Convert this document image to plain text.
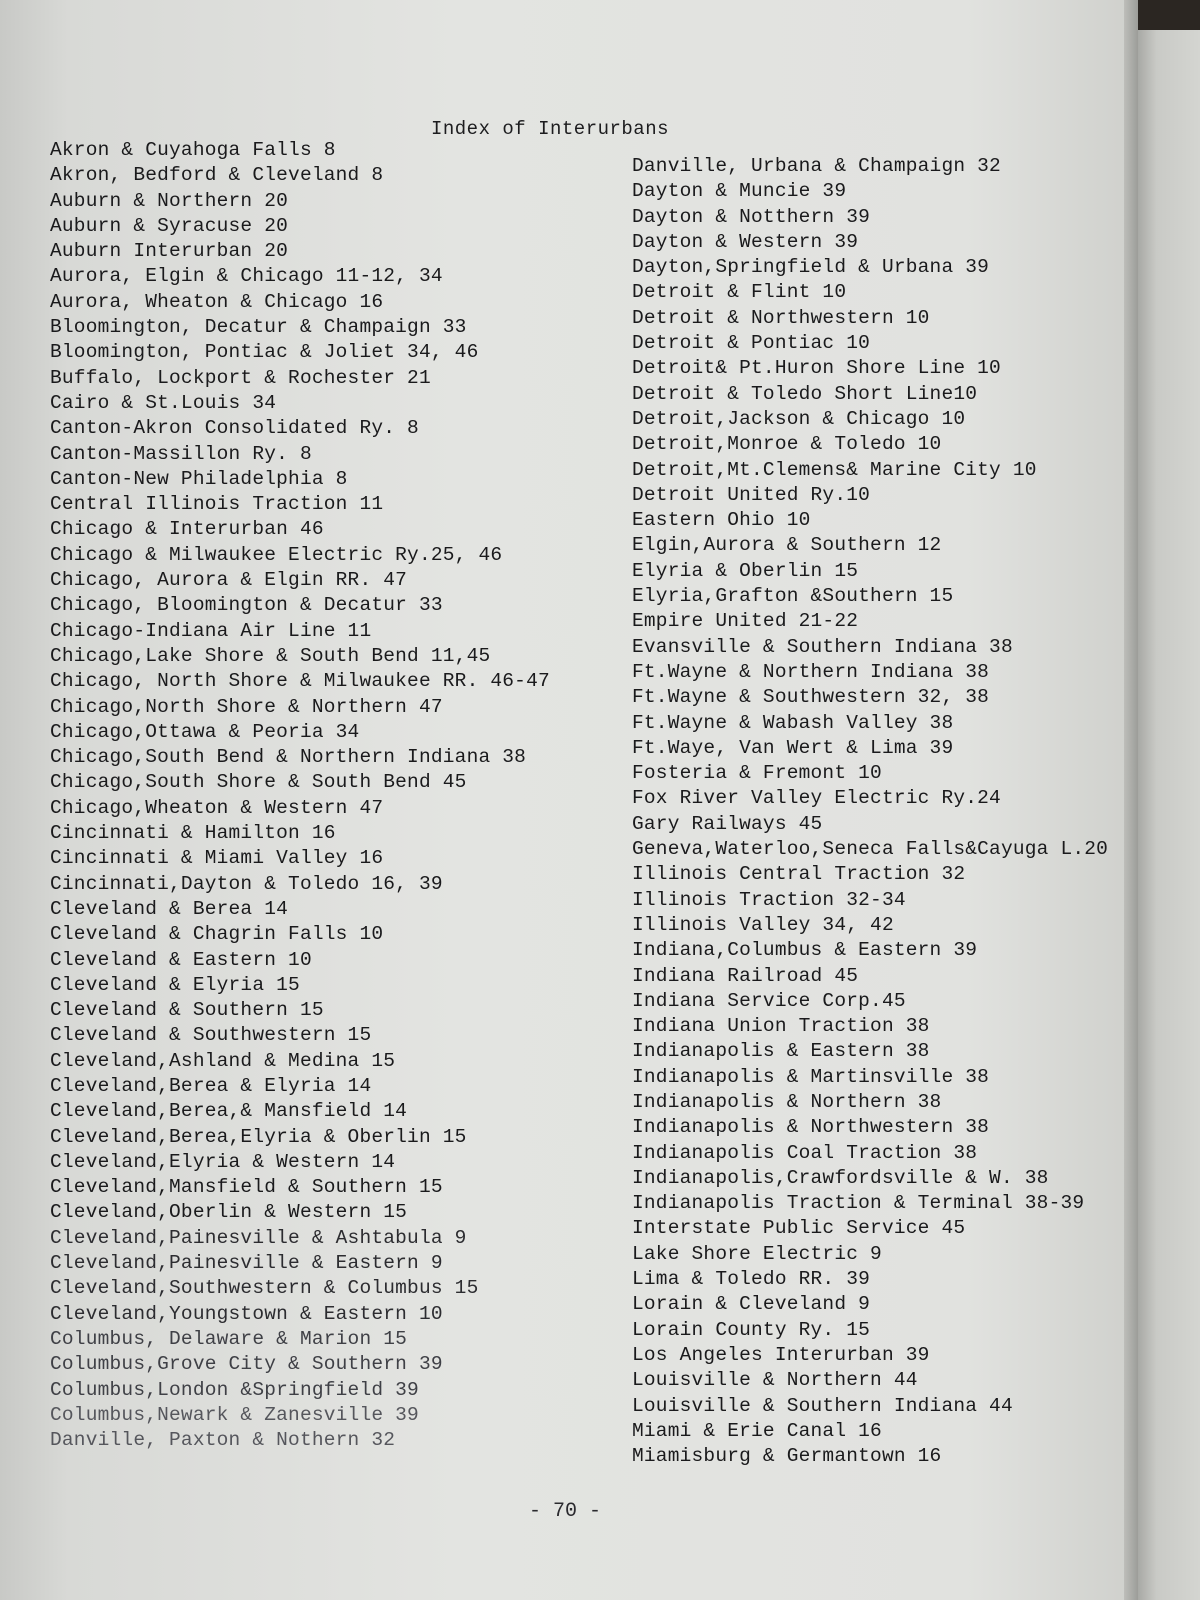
Index of Interurbans
Akron & Cuyahoga Falls 8
Akron, Bedford & Cleveland 8
Auburn & Northern 20
Auburn & Syracuse 20
Auburn Interurban 20
Aurora, Elgin & Chicago 11-12, 34
Aurora, Wheaton & Chicago 16
Bloomington, Decatur & Champaign 33
Bloomington, Pontiac & Joliet 34, 46
Buffalo, Lockport & Rochester 21
Cairo & St.Louis 34
Canton-Akron Consolidated Ry. 8
Canton-Massillon Ry. 8
Canton-New Philadelphia 8
Central Illinois Traction 11
Chicago & Interurban 46
Chicago & Milwaukee Electric Ry.25, 46
Chicago, Aurora & Elgin RR. 47
Chicago, Bloomington & Decatur 33
Chicago-Indiana Air Line 11
Chicago,Lake Shore & South Bend 11,45
Chicago, North Shore & Milwaukee RR. 46-47
Chicago,North Shore & Northern 47
Chicago,Ottawa & Peoria 34
Chicago,South Bend & Northern Indiana 38
Chicago,South Shore & South Bend 45
Chicago,Wheaton & Western 47
Cincinnati & Hamilton 16
Cincinnati & Miami Valley 16
Cincinnati,Dayton & Toledo 16, 39
Cleveland & Berea 14
Cleveland & Chagrin Falls 10
Cleveland & Eastern 10
Cleveland & Elyria 15
Cleveland & Southern 15
Cleveland & Southwestern 15
Cleveland,Ashland & Medina 15
Cleveland,Berea & Elyria 14
Cleveland,Berea,& Mansfield 14
Cleveland,Berea,Elyria & Oberlin 15
Cleveland,Elyria & Western 14
Cleveland,Mansfield & Southern 15
Cleveland,Oberlin & Western 15
Cleveland,Painesville & Ashtabula 9
Cleveland,Painesville & Eastern 9
Cleveland,Southwestern & Columbus 15
Cleveland,Youngstown & Eastern 10
Columbus, Delaware & Marion 15
Columbus,Grove City & Southern 39
Columbus,London &Springfield 39
Columbus,Newark & Zanesville 39
Danville, Paxton & Nothern 32
Danville, Urbana & Champaign 32
Dayton & Muncie 39
Dayton & Notthern 39
Dayton & Western 39
Dayton,Springfield & Urbana 39
Detroit & Flint 10
Detroit & Northwestern 10
Detroit & Pontiac 10
Detroit& Pt.Huron Shore Line 10
Detroit & Toledo Short Line10
Detroit,Jackson & Chicago 10
Detroit,Monroe & Toledo 10
Detroit,Mt.Clemens& Marine City 10
Detroit United Ry.10
Eastern Ohio 10
Elgin,Aurora & Southern 12
Elyria & Oberlin 15
Elyria,Grafton &Southern 15
Empire United 21-22
Evansville & Southern Indiana 38
Ft.Wayne & Northern Indiana 38
Ft.Wayne & Southwestern 32, 38
Ft.Wayne & Wabash Valley 38
Ft.Waye, Van Wert & Lima 39
Fosteria & Fremont 10
Fox River Valley Electric Ry.24
Gary Railways 45
Geneva,Waterloo,Seneca Falls&Cayuga L.20
Illinois Central Traction 32
Illinois Traction 32-34
Illinois Valley 34, 42
Indiana,Columbus & Eastern 39
Indiana Railroad 45
Indiana Service Corp.45
Indiana Union Traction 38
Indianapolis & Eastern 38
Indianapolis & Martinsville 38
Indianapolis & Northern 38
Indianapolis & Northwestern 38
Indianapolis Coal Traction 38
Indianapolis,Crawfordsville & W. 38
Indianapolis Traction & Terminal 38-39
Interstate Public Service 45
Lake Shore Electric 9
Lima & Toledo RR. 39
Lorain & Cleveland 9
Lorain County Ry. 15
Los Angeles Interurban 39
Louisville & Northern 44
Louisville & Southern Indiana 44
Miami & Erie Canal 16
Miamisburg & Germantown 16
- 70 -
